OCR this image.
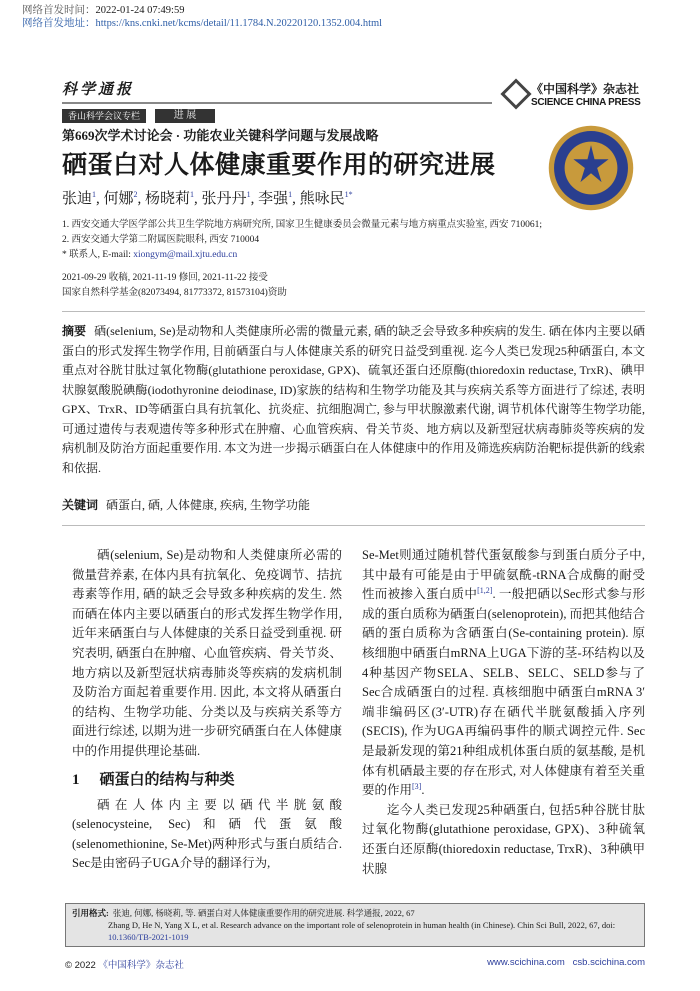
网络首发时间：2022-01-24 07:49:59
网络首发地址：https://kns.cnki.net/kcms/detail/11.1784.N.20220120.1352.004.html
科学通报
香山科学会议专栏	进 展
第669次学术讨论会 · 功能农业关键科学问题与发展战略
《中国科学》杂志社
SCIENCE CHINA PRESS
硒蛋白对人体健康重要作用的研究进展
张迪$^1$, 何娜$^2$, 杨晓莉$^1$, 张丹丹$^1$, 李强$^1$, 熊咏民$^{1*}$
1. 西安交通大学医学部公共卫生学院地方病研究所, 国家卫生健康委员会微量元素与地方病重点实验室, 西安 710061;
2. 西安交通大学第二附属医院眼科, 西安 710004
* 联系人, E-mail: xiongym@mail.xjtu.edu.cn
2021-09-29 收稿, 2021-11-19 修回, 2021-11-22 接受
国家自然科学基金(82073494, 81773372, 81573104)资助
摘要 硒(selenium, Se)是动物和人类健康所必需的微量元素, 硒的缺乏会导致多种疾病的发生. 硒在体内主要以硒蛋白的形式发挥生物学作用, 目前硒蛋白与人体健康关系的研究日益受到重视. 迄今人类已发现25种硒蛋白, 本文重点对谷胱甘肽过氧化物酶(glutathione peroxidase, GPX)、硫氧还蛋白还原酶(thioredoxin reductase, TrxR)、碘甲状腺氨酸脱碘酶(iodothyronine deiodinase, ID)家族的结构和生物学功能及其与疾病关系等方面进行了综述, 表明GPX、TrxR、ID等硒蛋白具有抗氧化、抗炎症、抗细胞凋亡, 参与甲状腺激素代谢, 调节机体代谢等生物学功能, 可通过遗传与表观遗传等多种形式在肿瘤、心血管疾病、骨关节炎、地方病以及新型冠状病毒肺炎等疾病的发病机制及防治方面起重要作用. 本文为进一步揭示硒蛋白在人体健康中的作用及筛选疾病防治靶标提供新的线索和依据.
关键词 硒蛋白, 硒, 人体健康, 疾病, 生物学功能

硒(selenium, Se)是动物和人类健康所必需的微量营养素, 在体内具有抗氧化、免疫调节、拮抗毒素等作用, 硒的缺乏会导致多种疾病的发生. 然而硒在体内主要以硒蛋白的形式发挥生物学作用, 近年来硒蛋白与人体健康的关系日益受到重视. 研究表明, 硒蛋白在肿瘤、心血管疾病、骨关节炎、地方病以及新型冠状病毒肺炎等疾病的发病机制及防治方面起着重要作用. 因此, 本文将从硒蛋白的结构、生物学功能、分类以及与疾病关系等方面进行综述, 以期为进一步研究硒蛋白在人体健康中的作用提供理论基础.

1 硒蛋白的结构与种类

硒在人体内主要以硒代半胱氨酸(selenocysteine, Sec)和硒代蛋氨酸(selenomethionine, Se-Met)两种形式与蛋白质结合. Sec是由密码子UGA介导的翻译行为,

Se-Met则通过随机替代蛋氨酸参与到蛋白质分子中, 其中最有可能是由于甲硫氨酰-tRNA合成酶的耐受性而被掺入蛋白质中[1,2]. 一般把硒以Sec形式参与形成的蛋白质称为硒蛋白(selenoprotein), 而把其他结合硒的蛋白质称为含硒蛋白(Se-containing protein). 原核细胞中硒蛋白mRNA上UGA下游的茎-环结构以及4种基因产物SELA、SELB、SELC、SELD参与了Sec合成硒蛋白的过程. 真核细胞中硒蛋白mRNA 3′端非编码区(3′-UTR)存在硒代半胱氨酸插入序列(SECIS), 作为UGA再编码事件的顺式调控元件. Sec是最新发现的第21种组成机体蛋白质的氨基酸, 是机体有机硒最主要的存在形式, 对人体健康有着至关重要的作用[3].

迄今人类已发现25种硒蛋白, 包括5种谷胱甘肽过氧化物酶(glutathione peroxidase, GPX)、3种硫氧还蛋白还原酶(thioredoxin reductase, TrxR)、3种碘甲状腺

引用格式: 张迪, 何娜, 杨晓莉, 等. 硒蛋白对人体健康重要作用的研究进展. 科学通报, 2022, 67
Zhang D, He N, Yang X L, et al. Research advance on the important role of selenoprotein in human health (in Chinese). Chin Sci Bull, 2022, 67, doi:
10.1360/TB-2021-1019
© 2022 《中国科学》杂志社	www.scichina.com csb.scichina.com
